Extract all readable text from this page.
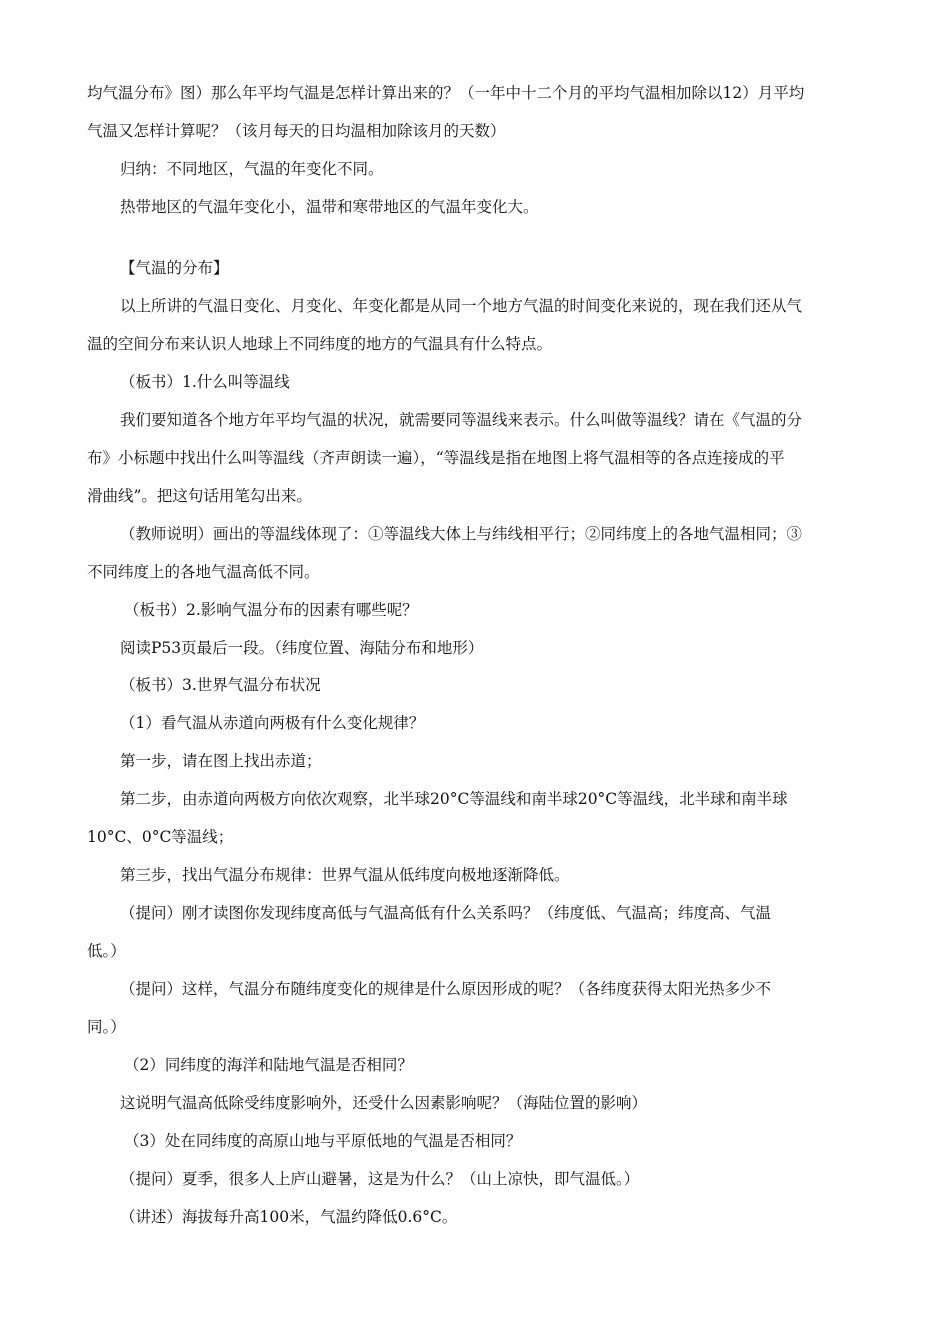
均气温分布》图）那么年平均气温是怎样计算出来的？（一年中十二个月的平均气温相加除以12）月平均

气温又怎样计算呢？（该月每天的日均温相加除该月的天数）

归纳：不同地区，气温的年变化不同。

热带地区的气温年变化小，温带和寒带地区的气温年变化大。

【气温的分布】

以上所讲的气温日变化、月变化、年变化都是从同一个地方气温的时间变化来说的，现在我们还从气

温的空间分布来认识人地球上不同纬度的地方的气温具有什么特点。

（板书）1.什么叫等温线

我们要知道各个地方年平均气温的状况，就需要同等温线来表示。什么叫做等温线？请在《气温的分

布》小标题中找出什么叫等温线（齐声朗读一遍），“等温线是指在地图上将气温相等的各点连接成的平

滑曲线”。把这句话用笔勾出来。

（教师说明）画出的等温线体现了：①等温线大体上与纬线相平行；②同纬度上的各地气温相同；③

不同纬度上的各地气温高低不同。

（板书）2.影响气温分布的因素有哪些呢？

阅读P53页最后一段。（纬度位置、海陆分布和地形）

（板书）3.世界气温分布状况

（1）看气温从赤道向两极有什么变化规律？

第一步，请在图上找出赤道；

第二步，由赤道向两极方向依次观察，北半球20°C等温线和南半球20°C等温线，北半球和南半球

10°C、0°C等温线；

第三步，找出气温分布规律：世界气温从低纬度向极地逐渐降低。

（提问）刚才读图你发现纬度高低与气温高低有什么关系吗？（纬度低、气温高；纬度高、气温

低。）

（提问）这样，气温分布随纬度变化的规律是什么原因形成的呢？（各纬度获得太阳光热多少不

同。）

（2）同纬度的海洋和陆地气温是否相同？

这说明气温高低除受纬度影响外，还受什么因素影响呢？（海陆位置的影响）

（3）处在同纬度的高原山地与平原低地的气温是否相同？

（提问）夏季，很多人上庐山避暑，这是为什么？（山上凉快，即气温低。）

（讲述）海拔每升高100米，气温约降低0.6°C。
